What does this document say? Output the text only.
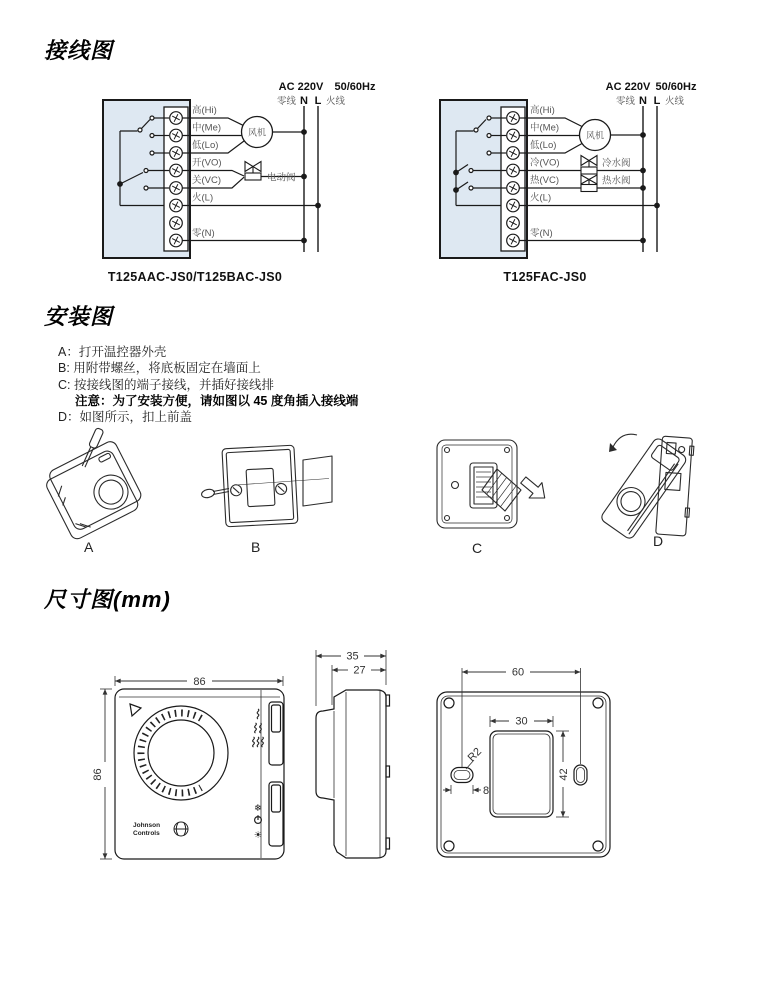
接线图
安装图
尺寸图(mm)
AC 220V 50/60Hz
零线 N L 火线
风机
电动阀
高(Hi)
中(Me)
低(Lo)
开(VO)
关(VC)
火(L)
零(N)
T125AAC-JS0/T125BAC-JS0
AC 220V 50/60Hz
零线 N L 火线
风机
冷水阀
热水阀
高(Hi)
中(Me)
低(Lo)
冷(VO)
热(VC)
火(L)
零(N)
T125FAC-JS0
A：打开温控器外壳
B: 用附带螺丝，将底板固定在墙面上
C: 按接线图的端子接线，并插好接线排
注意：为了安装方便，请如图以 45 度角插入接线端
D：如图所示，扣上前盖
A	B	C	D
❄
☀
Johnson
Controls
86
86
35
27	60
30
42
R2
8
